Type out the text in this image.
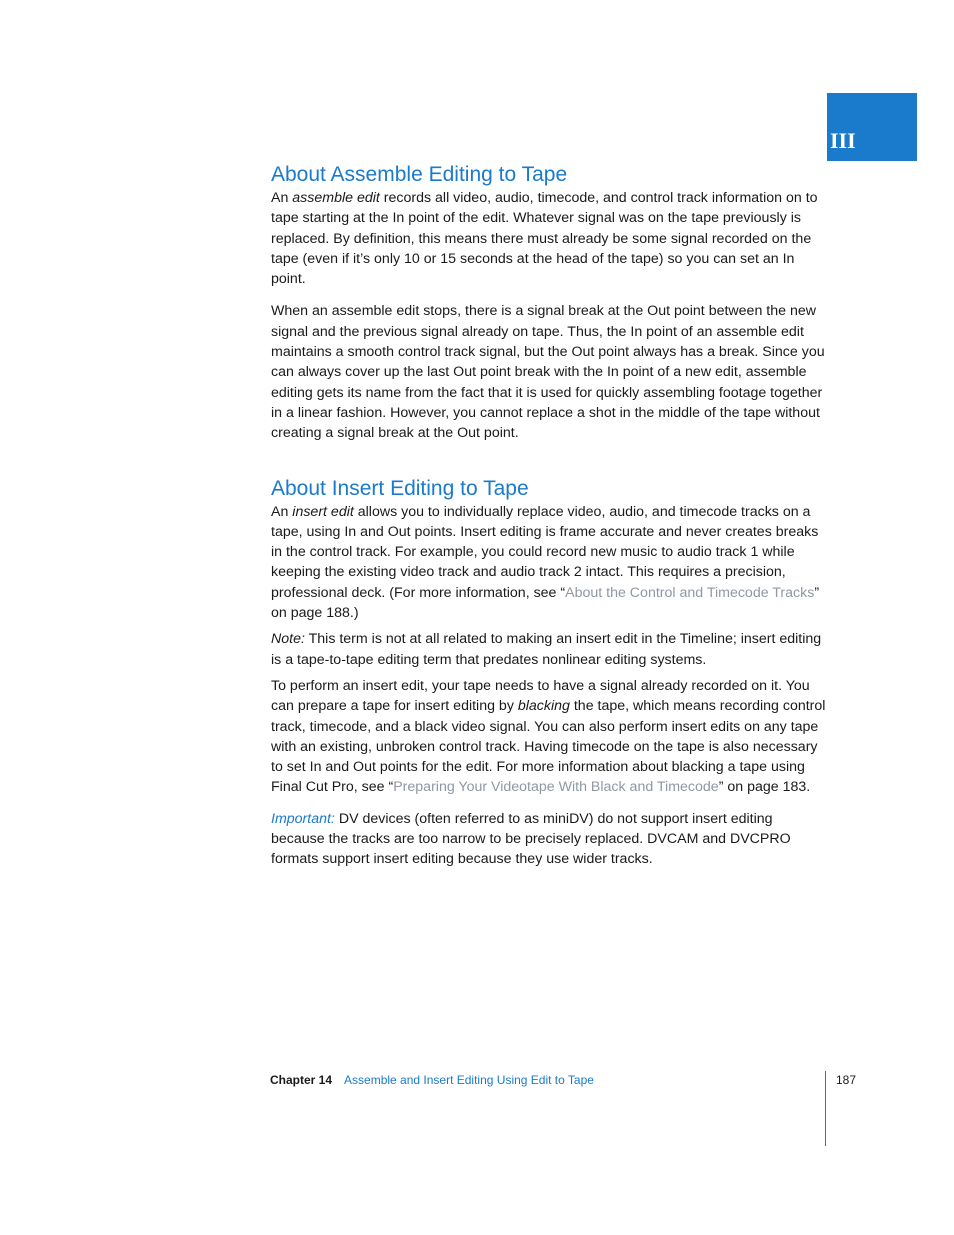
III
About Assemble Editing to Tape

An assemble edit records all video, audio, timecode, and control track information on to tape starting at the In point of the edit. Whatever signal was on the tape previously is replaced. By definition, this means there must already be some signal recorded on the tape (even if it’s only 10 or 15 seconds at the head of the tape) so you can set an In point.

When an assemble edit stops, there is a signal break at the Out point between the new signal and the previous signal already on tape. Thus, the In point of an assemble edit maintains a smooth control track signal, but the Out point always has a break. Since you can always cover up the last Out point break with the In point of a new edit, assemble editing gets its name from the fact that it is used for quickly assembling footage together in a linear fashion. However, you cannot replace a shot in the middle of the tape without creating a signal break at the Out point.

About Insert Editing to Tape

An insert edit allows you to individually replace video, audio, and timecode tracks on a tape, using In and Out points. Insert editing is frame accurate and never creates breaks in the control track. For example, you could record new music to audio track 1 while keeping the existing video track and audio track 2 intact. This requires a precision, professional deck. (For more information, see “About the Control and Timecode Tracks” on page 188.)

Note: This term is not at all related to making an insert edit in the Timeline; insert editing is a tape-to-tape editing term that predates nonlinear editing systems.

To perform an insert edit, your tape needs to have a signal already recorded on it. You can prepare a tape for insert editing by blacking the tape, which means recording control track, timecode, and a black video signal. You can also perform insert edits on any tape with an existing, unbroken control track. Having timecode on the tape is also necessary to set In and Out points for the edit. For more information about blacking a tape using Final Cut Pro, see “Preparing Your Videotape With Black and Timecode” on page 183.

Important: DV devices (often referred to as miniDV) do not support insert editing because the tracks are too narrow to be precisely replaced. DVCAM and DVCPRO formats support insert editing because they use wider tracks.

Chapter 14 Assemble and Insert Editing Using Edit to Tape	187
